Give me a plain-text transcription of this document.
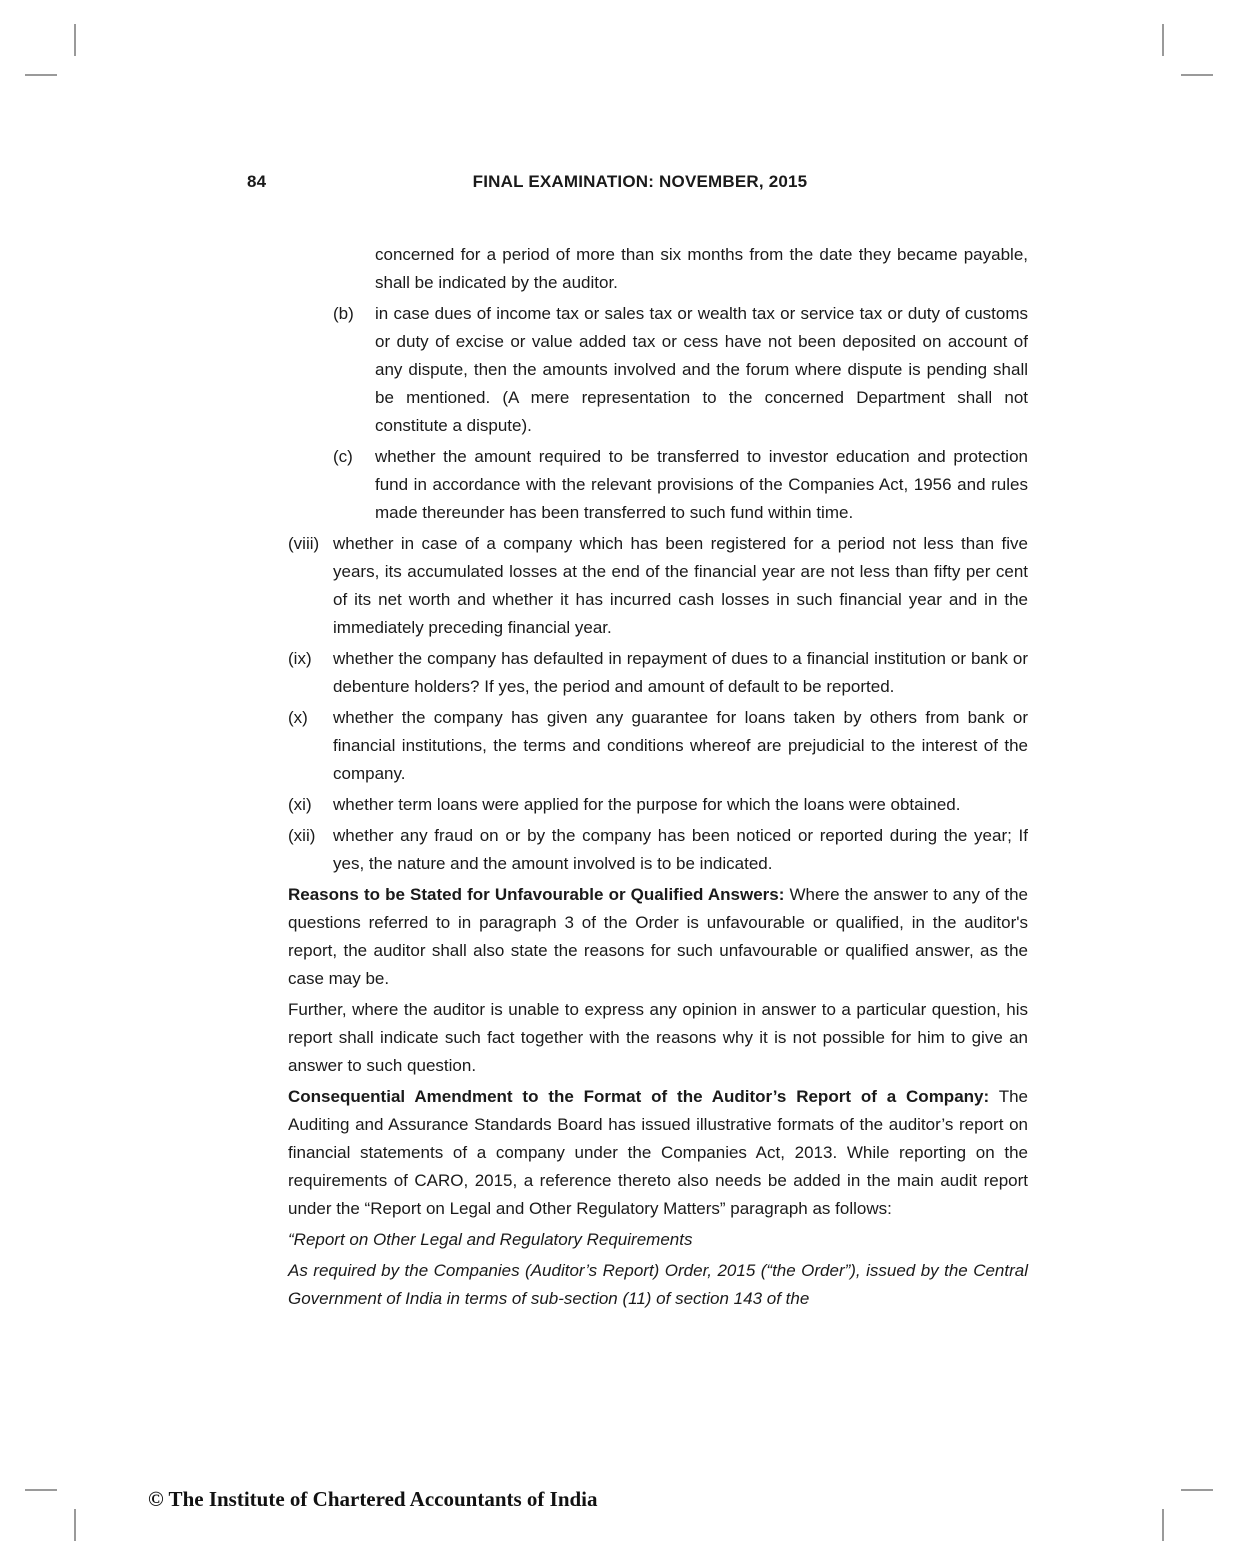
84	FINAL EXAMINATION: NOVEMBER, 2015

concerned for a period of more than six months from the date they became payable, shall be indicated by the auditor.

(b) in case dues of income tax or sales tax or wealth tax or service tax or duty of customs or duty of excise or value added tax or cess have not been deposited on account of any dispute, then the amounts involved and the forum where dispute is pending shall be mentioned. (A mere representation to the concerned Department shall not constitute a dispute).
(c) whether the amount required to be transferred to investor education and protection fund in accordance with the relevant provisions of the Companies Act, 1956 and rules made thereunder has been transferred to such fund within time.
(viii) whether in case of a company which has been registered for a period not less than five years, its accumulated losses at the end of the financial year are not less than fifty per cent of its net worth and whether it has incurred cash losses in such financial year and in the immediately preceding financial year.
(ix) whether the company has defaulted in repayment of dues to a financial institution or bank or debenture holders? If yes, the period and amount of default to be reported.
(x) whether the company has given any guarantee for loans taken by others from bank or financial institutions, the terms and conditions whereof are prejudicial to the interest of the company.
(xi) whether term loans were applied for the purpose for which the loans were obtained.
(xii) whether any fraud on or by the company has been noticed or reported during the year; If yes, the nature and the amount involved is to be indicated.

Reasons to be Stated for Unfavourable or Qualified Answers: Where the answer to any of the questions referred to in paragraph 3 of the Order is unfavourable or qualified, in the auditor's report, the auditor shall also state the reasons for such unfavourable or qualified answer, as the case may be.

Further, where the auditor is unable to express any opinion in answer to a particular question, his report shall indicate such fact together with the reasons why it is not possible for him to give an answer to such question.

Consequential Amendment to the Format of the Auditor’s Report of a Company: The Auditing and Assurance Standards Board has issued illustrative formats of the auditor’s report on financial statements of a company under the Companies Act, 2013. While reporting on the requirements of CARO, 2015, a reference thereto also needs be added in the main audit report under the “Report on Legal and Other Regulatory Matters” paragraph as follows:

“Report on Other Legal and Regulatory Requirements

As required by the Companies (Auditor’s Report) Order, 2015 (“the Order”), issued by the Central Government of India in terms of sub-section (11) of section 143 of the

© The Institute of Chartered Accountants of India
